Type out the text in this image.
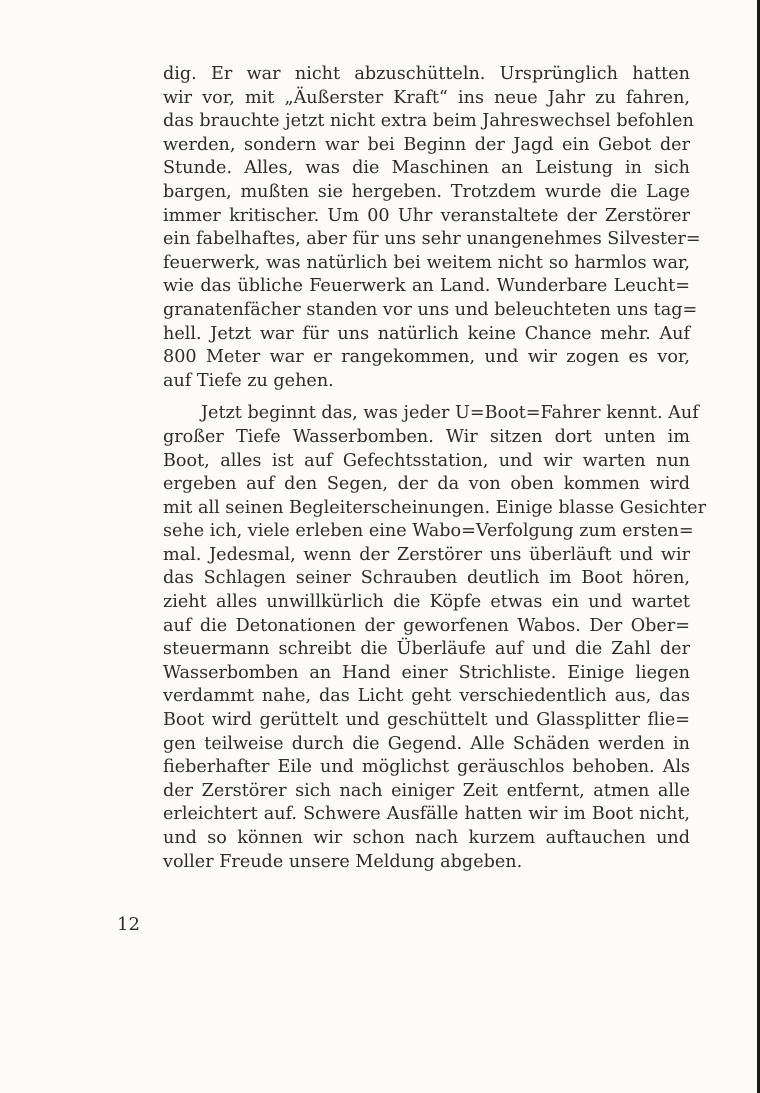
dig. Er war nicht abzuschütteln. Ursprünglich hatten
wir vor, mit „Äußerster Kraft“ ins neue Jahr zu fahren,
das brauchte jetzt nicht extra beim Jahreswechsel befohlen
werden, sondern war bei Beginn der Jagd ein Gebot der
Stunde. Alles, was die Maschinen an Leistung in sich
bargen, mußten sie hergeben. Trotzdem wurde die Lage
immer kritischer. Um 00 Uhr veranstaltete der Zerstörer
ein fabelhaftes, aber für uns sehr unangenehmes Silvester=
feuerwerk, was natürlich bei weitem nicht so harmlos war,
wie das übliche Feuerwerk an Land. Wunderbare Leucht=
granatenfächer standen vor uns und beleuchteten uns tag=
hell. Jetzt war für uns natürlich keine Chance mehr. Auf
800 Meter war er rangekommen, und wir zogen es vor,
auf Tiefe zu gehen.
Jetzt beginnt das, was jeder U=Boot=Fahrer kennt. Auf
großer Tiefe Wasserbomben. Wir sitzen dort unten im
Boot, alles ist auf Gefechtsstation, und wir warten nun
ergeben auf den Segen, der da von oben kommen wird
mit all seinen Begleiterscheinungen. Einige blasse Gesichter
sehe ich, viele erleben eine Wabo=Verfolgung zum ersten=
mal. Jedesmal, wenn der Zerstörer uns überläuft und wir
das Schlagen seiner Schrauben deutlich im Boot hören,
zieht alles unwillkürlich die Köpfe etwas ein und wartet
auf die Detonationen der geworfenen Wabos. Der Ober=
steuermann schreibt die Überläufe auf und die Zahl der
Wasserbomben an Hand einer Strichliste. Einige liegen
verdammt nahe, das Licht geht verschiedentlich aus, das
Boot wird gerüttelt und geschüttelt und Glassplitter flie=
gen teilweise durch die Gegend. Alle Schäden werden in
fieberhafter Eile und möglichst geräuschlos behoben. Als
der Zerstörer sich nach einiger Zeit entfernt, atmen alle
erleichtert auf. Schwere Ausfälle hatten wir im Boot nicht,
und so können wir schon nach kurzem auftauchen und
voller Freude unsere Meldung abgeben.
12
